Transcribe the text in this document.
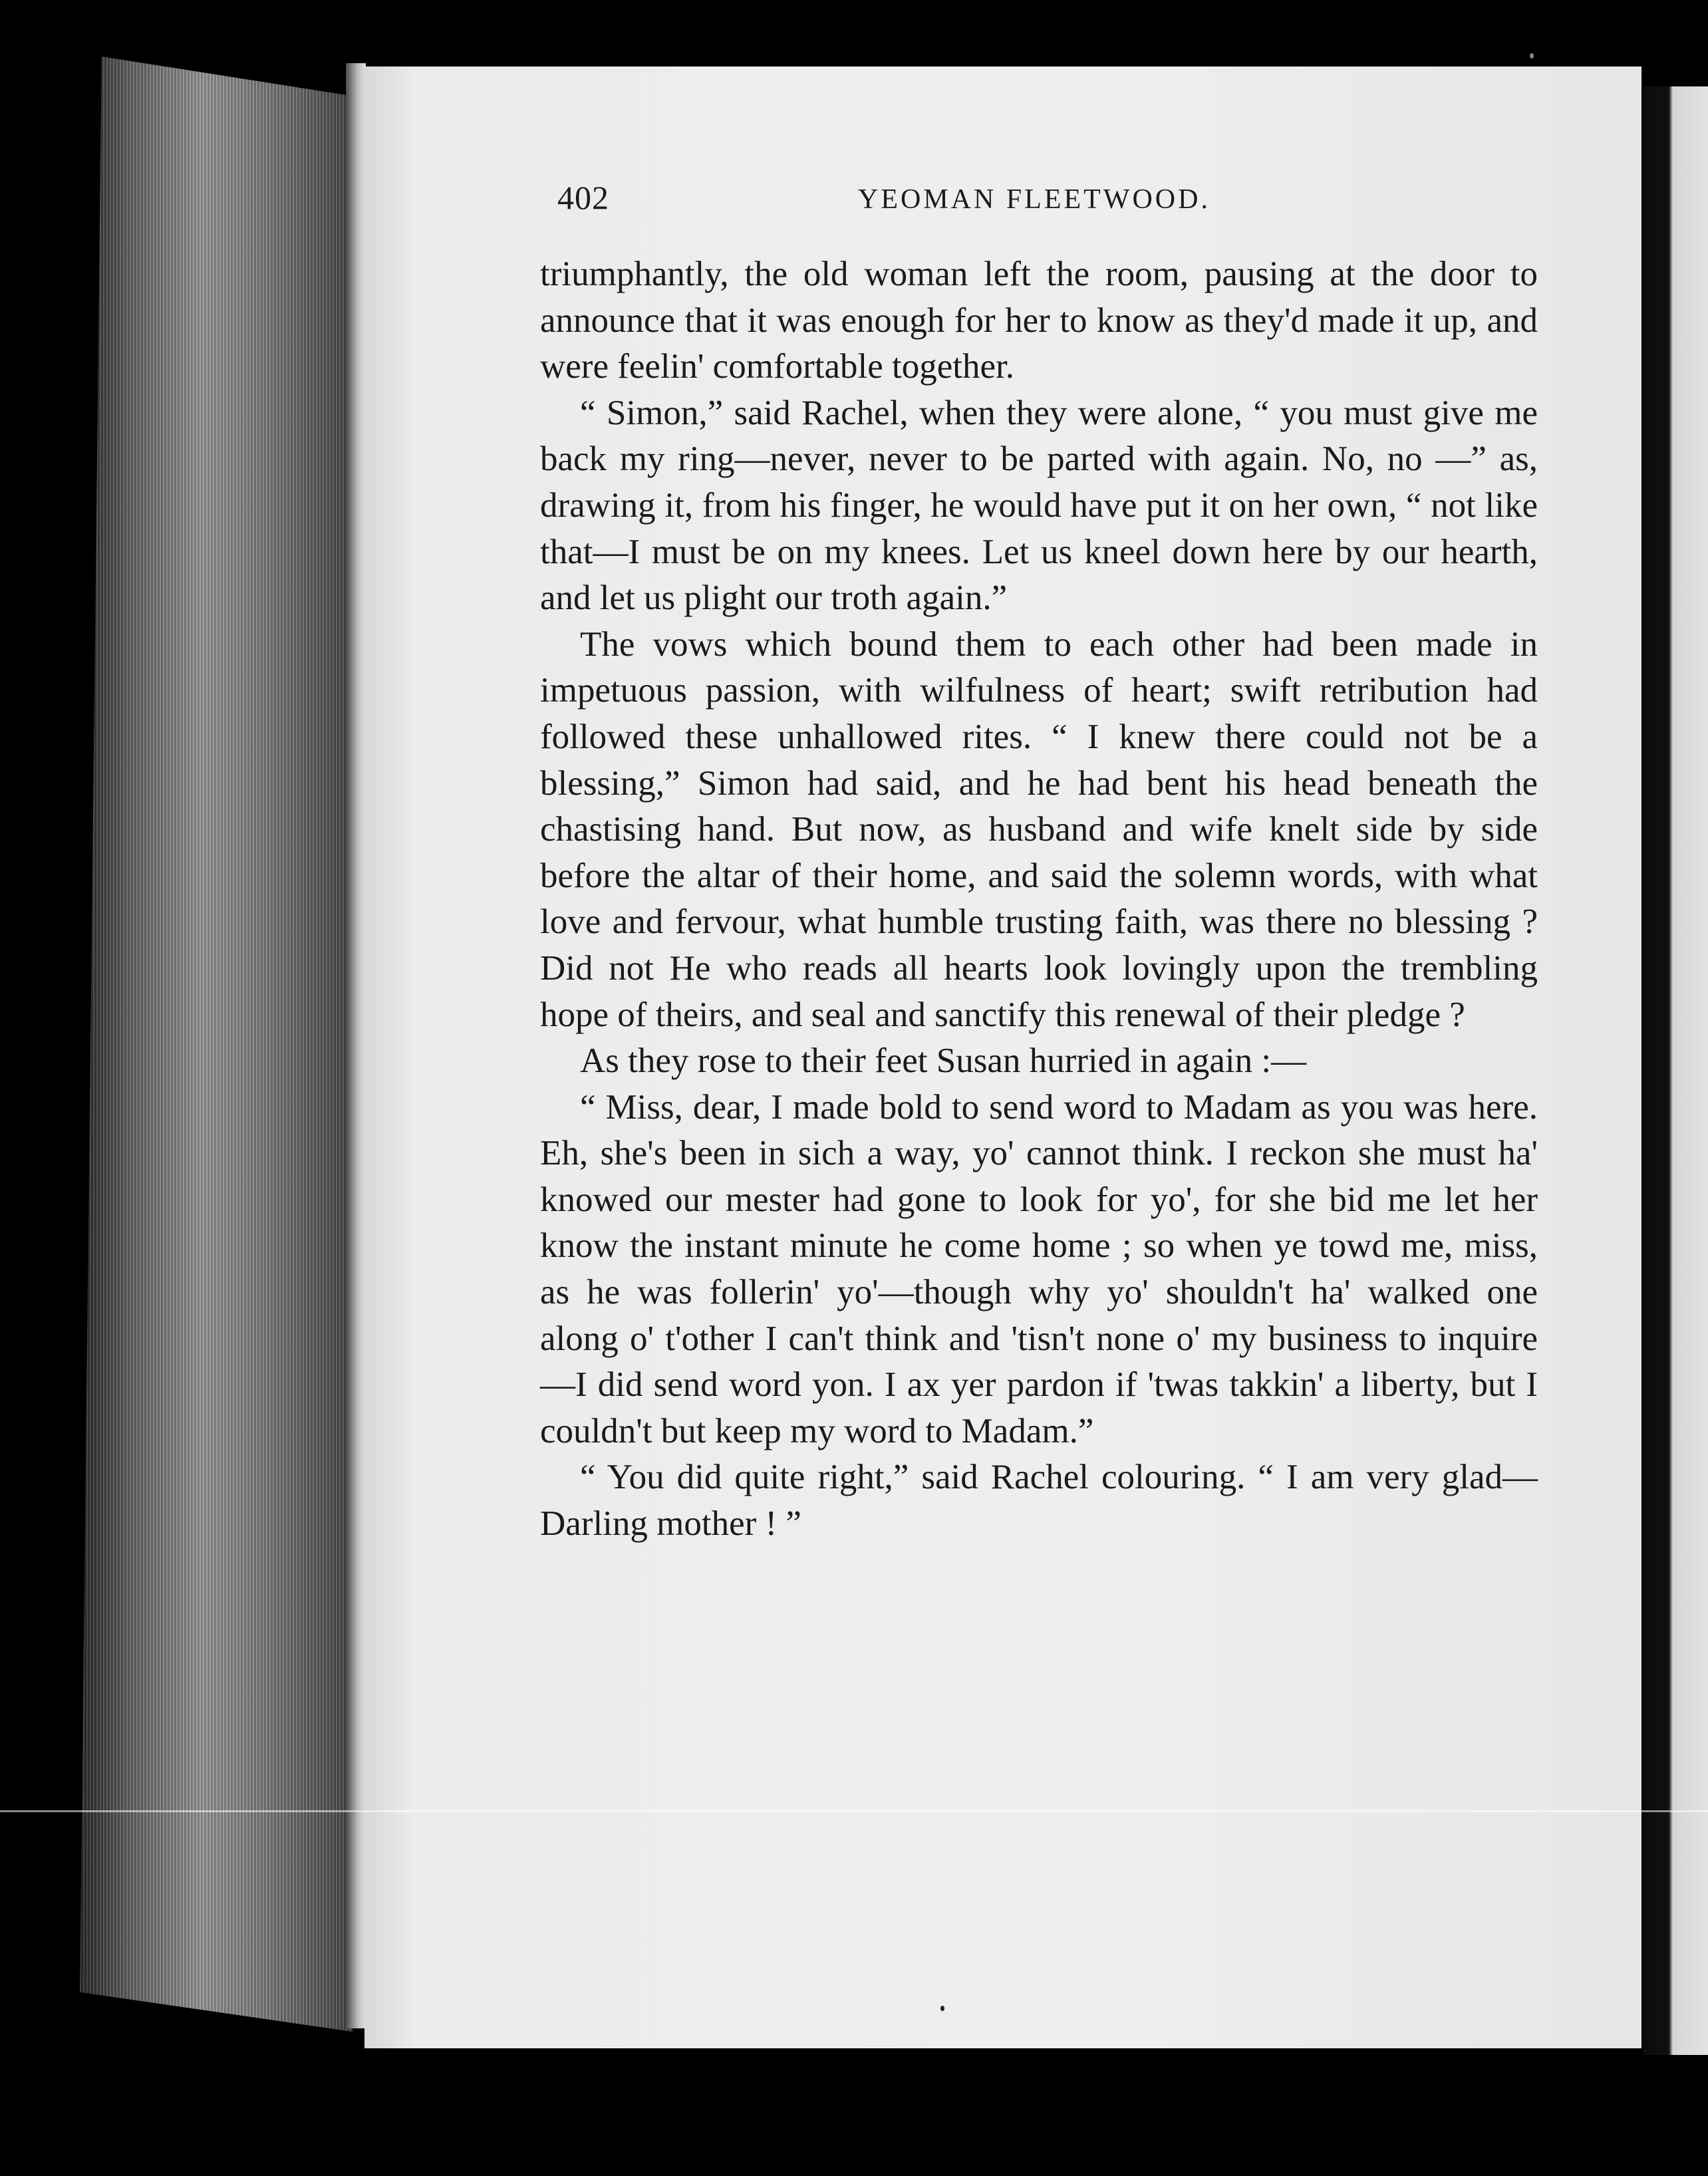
402	YEOMAN FLEETWOOD.

triumphantly, the old woman left the room, pausing at the door to announce that it was enough for her to know as they'd made it up, and were feelin' comfortable together.

“ Simon,” said Rachel, when they were alone, “ you must give me back my ring—never, never to be parted with again. No, no —” as, drawing it, from his finger, he would have put it on her own, “ not like that—I must be on my knees. Let us kneel down here by our hearth, and let us plight our troth again.”

The vows which bound them to each other had been made in impetuous passion, with wilfulness of heart; swift retribution had followed these unhallowed rites. “ I knew there could not be a blessing,” Simon had said, and he had bent his head beneath the chastising hand. But now, as husband and wife knelt side by side before the altar of their home, and said the solemn words, with what love and fervour, what humble trusting faith, was there no blessing ? Did not He who reads all hearts look lovingly upon the trembling hope of theirs, and seal and sanctify this renewal of their pledge ?

As they rose to their feet Susan hurried in again :—

“ Miss, dear, I made bold to send word to Madam as you was here. Eh, she's been in sich a way, yo' cannot think. I reckon she must ha' knowed our mester had gone to look for yo', for she bid me let her know the instant minute he come home ; so when ye towd me, miss, as he was follerin' yo'—though why yo' shouldn't ha' walked one along o' t'other I can't think and 'tisn't none o' my business to inquire—I did send word yon. I ax yer pardon if 'twas takkin' a liberty, but I couldn't but keep my word to Madam.”

“ You did quite right,” said Rachel colouring. “ I am very glad—Darling mother ! ”
